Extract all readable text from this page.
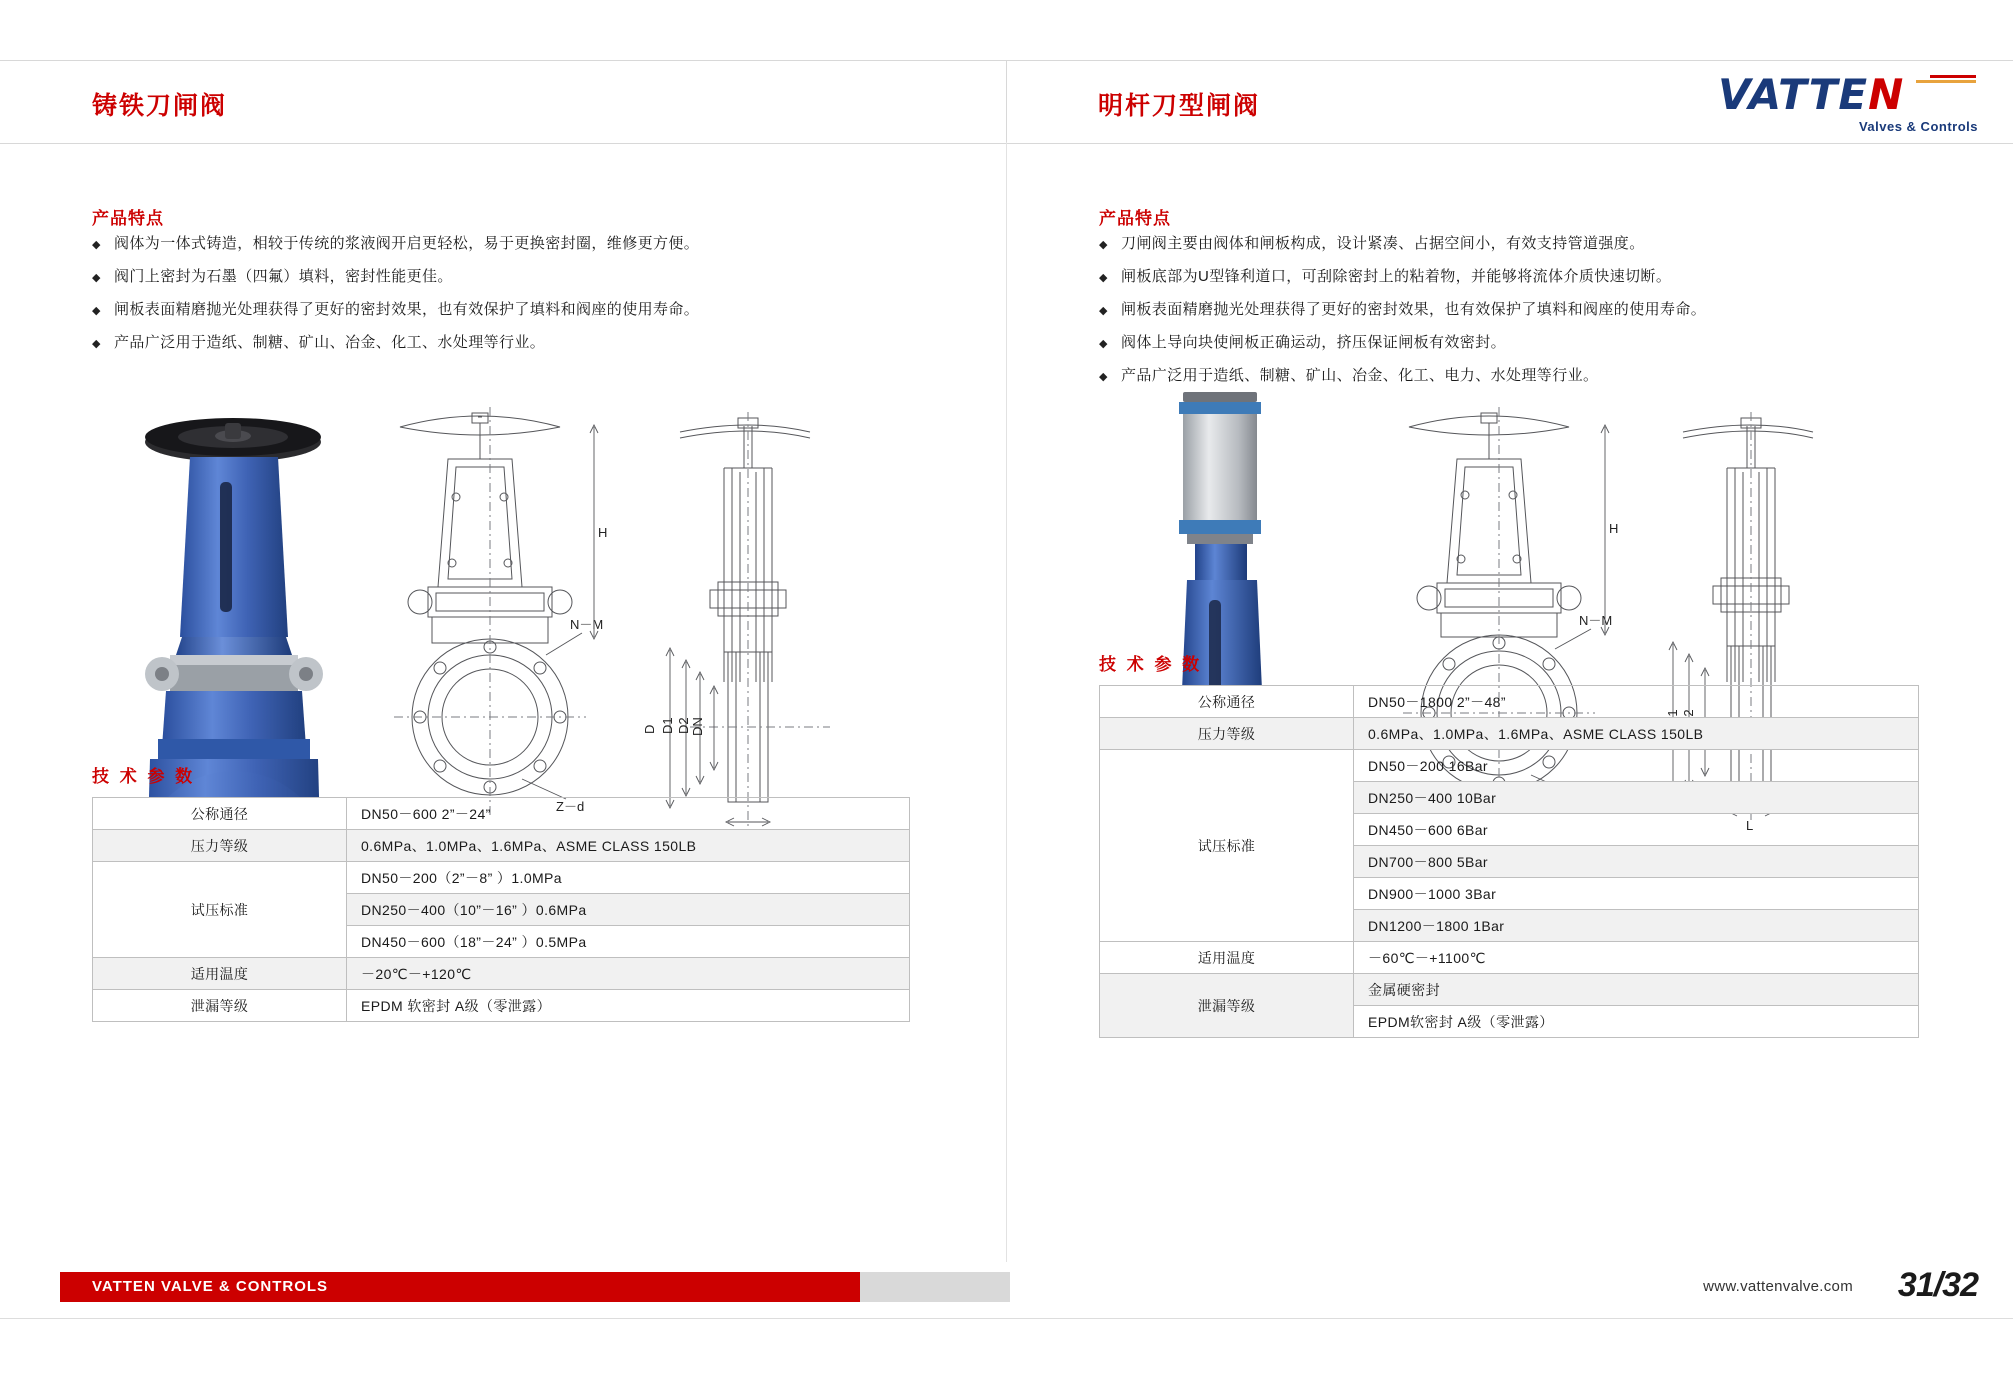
铸铁刀闸阀	明杆刀型闸阀	VATTEN
Valves & Controls
产品特点
◆ 阀体为一体式铸造，相较于传统的浆液阀开启更轻松，易于更换密封圈，维修更方便。
◆ 阀门上密封为石墨（四氟）填料，密封性能更佳。
◆ 闸板表面精磨抛光处理获得了更好的密封效果，也有效保护了填料和阀座的使用寿命。
◆ 产品广泛用于造纸、制糖、矿山、冶金、化工、水处理等行业。
N－M
Z－d
H
D D1 D2 DN
技 术 参 数
公称通径	DN50－600 2”－24”
压力等级	0.6MPa、1.0MPa、1.6MPa、ASME CLASS 150LB
试压标准	DN50－200（2”－8” ）1.0MPa
	DN250－400（10”－16” ）0.6MPa
	DN450－600（18”－24” ）0.5MPa
适用温度	－20℃－+120℃
泄漏等级	EPDM 软密封 A级（零泄露）
产品特点
◆ 刀闸阀主要由阀体和闸板构成，设计紧凑、占据空间小，有效支持管道强度。
◆ 闸板底部为U型锋利道口，可刮除密封上的粘着物，并能够将流体介质快速切断。
◆ 闸板表面精磨抛光处理获得了更好的密封效果，也有效保护了填料和阀座的使用寿命。
◆ 阀体上导向块使闸板正确运动，挤压保证闸板有效密封。
◆ 产品广泛用于造纸、制糖、矿山、冶金、化工、电力、水处理等行业。
N－M
H
L
技 术 参 数
公称通径	DN50－1800 2”－48”
压力等级	0.6MPa、1.0MPa、1.6MPa、ASME CLASS 150LB
试压标准	DN50－200 16Bar
	DN250－400 10Bar
	DN450－600 6Bar
	DN700－800 5Bar
	DN900－1000 3Bar
	DN1200－1800 1Bar
适用温度	－60℃－+1100℃
泄漏等级	金属硬密封
	EPDM软密封 A级（零泄露）
VATTEN VALVE & CONTROLS	www.vattenvalve.com 31/32
